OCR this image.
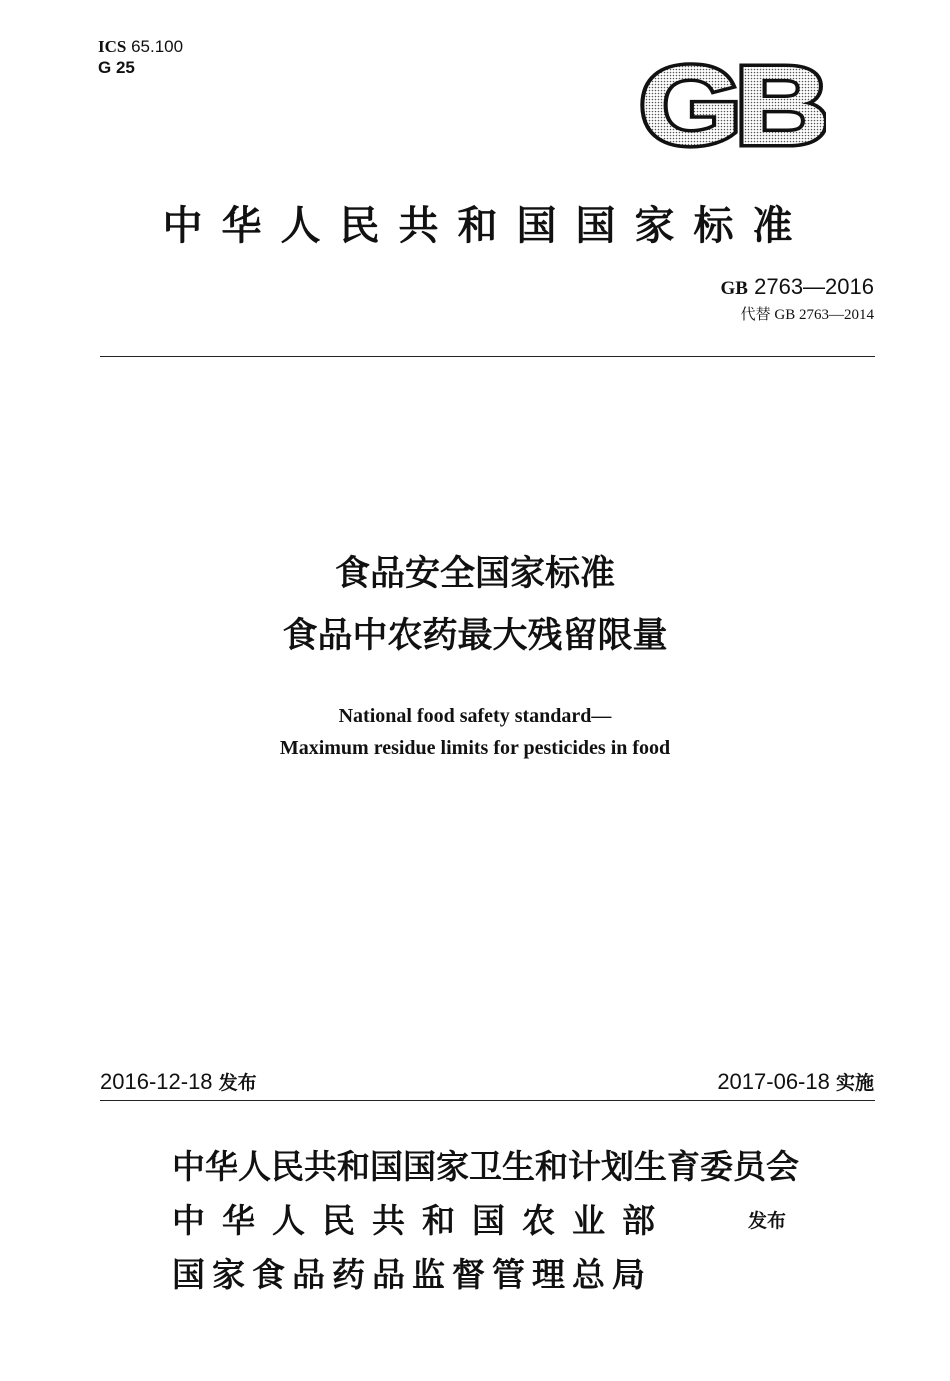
ICS 65.100
G 25	GB
中华人民共和国国家标准
GB 2763—2016
代替 GB 2763—2014
食品安全国家标准
食品中农药最大残留限量
National food safety standard—
Maximum residue limits for pesticides in food
2016-12-18 发布	2017-06-18 实施
中华人民共和国国家卫生和计划生育委员会
中华人民共和国农业部
国家食品药品监督管理总局
发布
